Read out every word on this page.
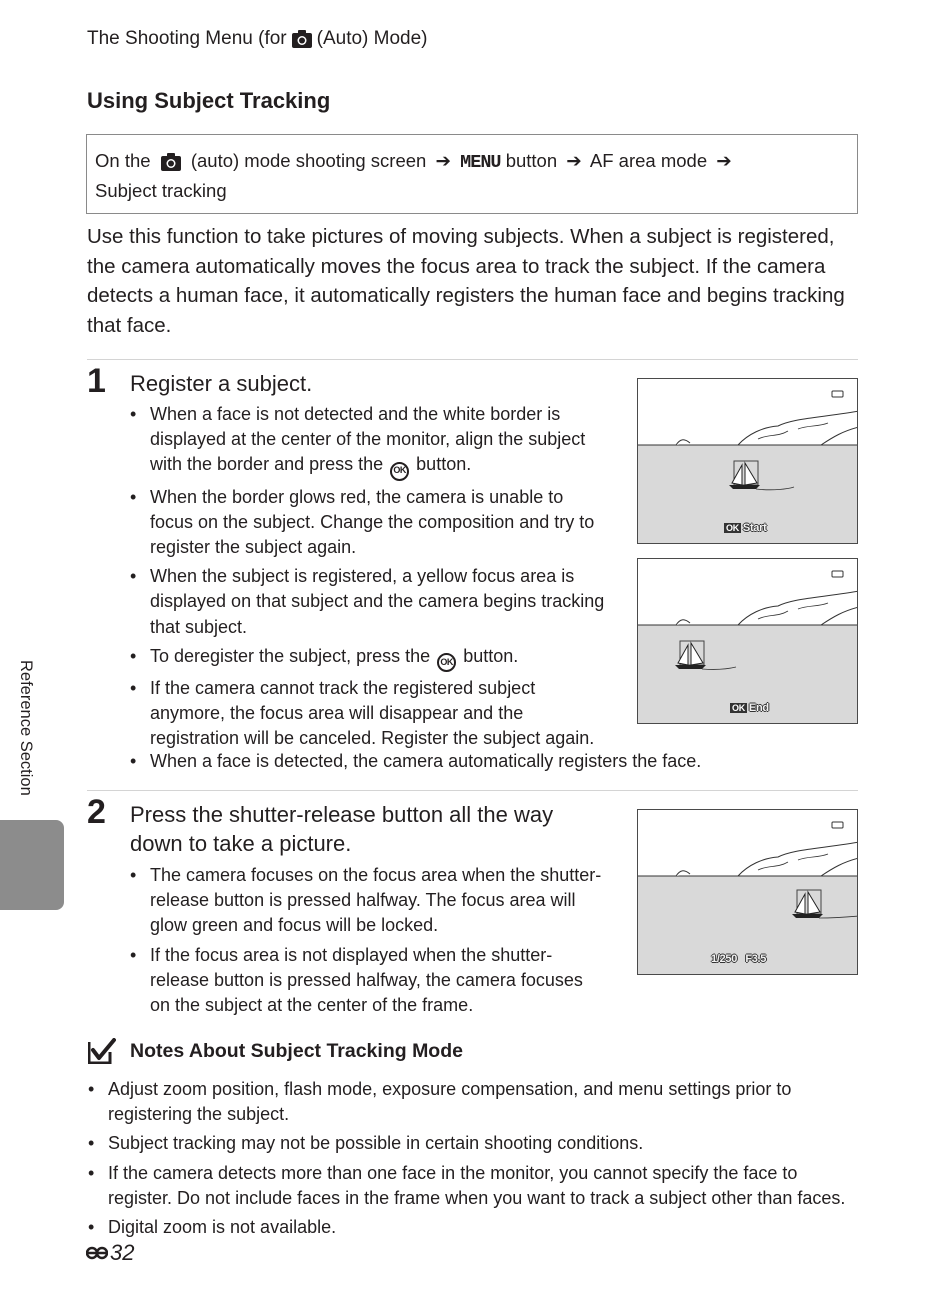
The Shooting Menu (for (Auto) Mode)
Using Subject Tracking
On the (auto) mode shooting screen ➔ MENU button ➔ AF area mode ➔
Subject tracking
Use this function to take pictures of moving subjects. When a subject is registered, the camera automatically moves the focus area to track the subject. If the camera detects a human face, it automatically registers the human face and begins tracking that face.
1 Register a subject.
• When a face is not detected and the white border is displayed at the center of the monitor, align the subject with the border and press the OK button.
• When the border glows red, the camera is unable to focus on the subject. Change the composition and try to register the subject again.
• When the subject is registered, a yellow focus area is displayed on that subject and the camera begins tracking that subject.
• To deregister the subject, press the OK button.
• If the camera cannot track the registered subject anymore, the focus area will disappear and the registration will be canceled. Register the subject again.
• When a face is detected, the camera automatically registers the face.
OK Start
OK End
2 Press the shutter-release button all the way down to take a picture.
• The camera focuses on the focus area when the shutter-release button is pressed halfway. The focus area will glow green and focus will be locked.
• If the focus area is not displayed when the shutter-release button is pressed halfway, the camera focuses on the subject at the center of the frame.
1/250 F3.5
Notes About Subject Tracking Mode
• Adjust zoom position, flash mode, exposure compensation, and menu settings prior to registering the subject.
• Subject tracking may not be possible in certain shooting conditions.
• If the camera detects more than one face in the monitor, you cannot specify the face to register. Do not include faces in the frame when you want to track a subject other than faces.
• Digital zoom is not available.
Reference Section
32
